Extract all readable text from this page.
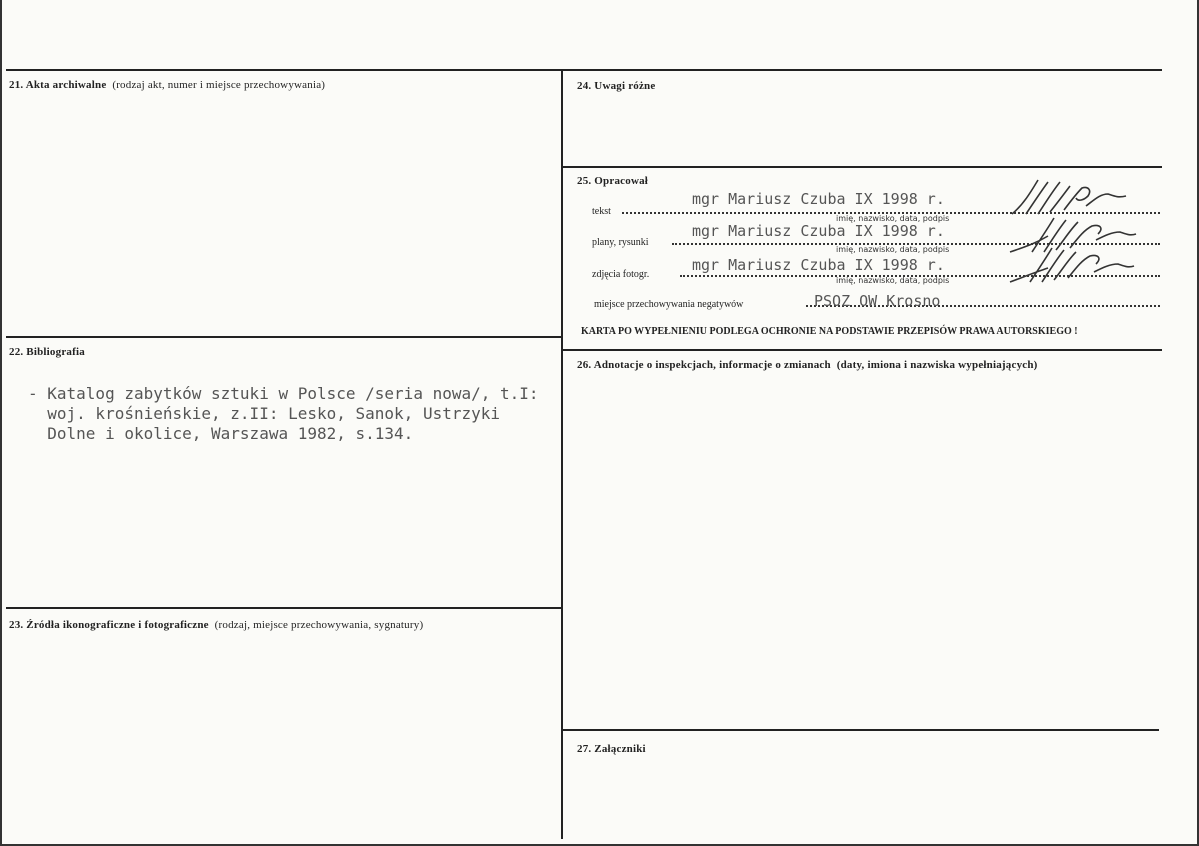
21. Akta archiwalne (rodzaj akt, numer i miejsce przechowywania)
22. Bibliografia
- Katalog zabytków sztuki w Polsce /seria nowa/, t.I:
woj. krośnieńskie, z.II: Lesko, Sanok, Ustrzyki
Dolne i okolice, Warszawa 1982, s.134.
23. Źródła ikonograficzne i fotograficzne (rodzaj, miejsce przechowywania, sygnatury)
24. Uwagi różne
25. Opracował
tekst
mgr Mariusz Czuba IX 1998 r.
imię, nazwisko, data, podpis
plany, rysunki
mgr Mariusz Czuba IX 1998 r.
imię, nazwisko, data, podpis
zdjęcia fotogr.
mgr Mariusz Czuba IX 1998 r.
imię, nazwisko, data, podpis
miejsce przechowywania negatywów	PSOZ OW Krosno
KARTA PO WYPEŁNIENIU PODLEGA OCHRONIE NA PODSTAWIE PRZEPISÓW PRAWA AUTORSKIEGO !
26. Adnotacje o inspekcjach, informacje o zmianach (daty, imiona i nazwiska wypełniających)
27. Załączniki
